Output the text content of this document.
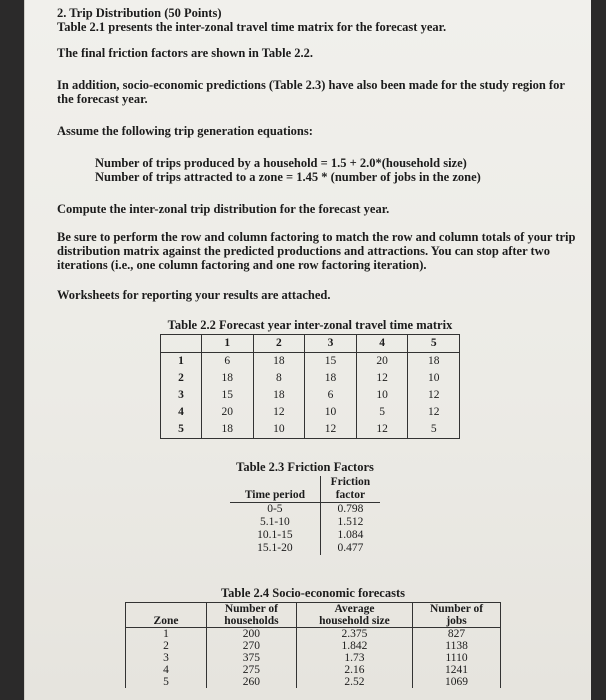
2. Trip Distribution (50 Points)
Table 2.1 presents the inter-zonal travel time matrix for the forecast year.
The final friction factors are shown in Table 2.2.
In addition, socio-economic predictions (Table 2.3) have also been made for the study region for
the forecast year.
Assume the following trip generation equations:
Number of trips produced by a household = 1.5 + 2.0*(household size)
Number of trips attracted to a zone = 1.45 * (number of jobs in the zone)
Compute the inter-zonal trip distribution for the forecast year.
Be sure to perform the row and column factoring to match the row and column totals of your trip
distribution matrix against the predicted productions and attractions. You can stop after two
iterations (i.e., one column factoring and one row factoring iteration).
Worksheets for reporting your results are attached.
Table 2.2 Forecast year inter-zonal travel time matrix
	1	2	3	4	5
1	6	18	15	20	18
2	18	8	18	12	10
3	15	18	6	10	12
4	20	12	10	5	12
5	18	10	12	12	5
Table 2.3 Friction Factors
	Friction
Time period	factor
0-5	0.798
5.1-10	1.512
10.1-15	1.084
15.1-20	0.477
Table 2.4 Socio-economic forecasts
	Number of	Average	Number of
Zone	households	household size	jobs
1	200	2.375	827
2	270	1.842	1138
3	375	1.73	1110
4	275	2.16	1241
5	260	2.52	1069
